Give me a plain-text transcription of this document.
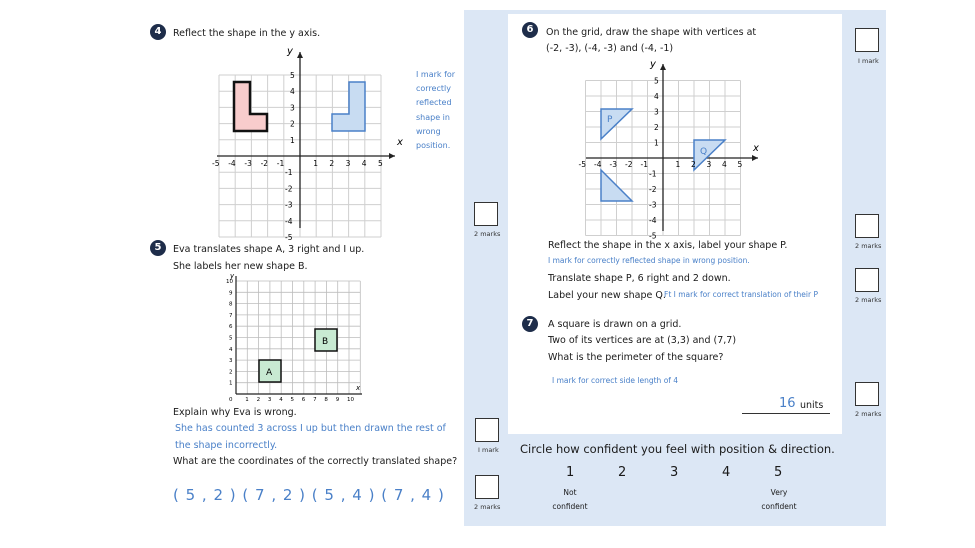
4	Reflect the shape in the y axis.
I mark for
correctly
reflected
shape in
wrong
position.
x
y
-5 -4 -3 -2 -1	1 2 3 4 5
5
4
3
2
1
-1
-2
-3
-4
-5	2 marks
5	Eva translates shape A, 3 right and I up.
She labels her new shape B.
A
B
y
x
0 1 2 3 4 5 6 7 8 9 10
10
9
8
7
6
5
4
3
2
1
Explain why Eva is wrong.
She has counted 3 across I up but then drawn the rest of
the shape incorrectly.
What are the coordinates of the correctly translated shape?
( 5 , 2 ) ( 7 , 2 ) ( 5 , 4 ) ( 7 , 4 )
I mark
2 marks
6	On the grid, draw the shape with vertices at
(-2, -3), (-4, -3) and (-4, -1)
x
y
P
Q
-5 -4 -3 -2 -1	1 2 3 4 5
5
4
3
2
1
-1
-2
-3
-4
-5
Reflect the shape in the x axis, label your shape P.
I mark for correctly reflected shape in wrong position.
Translate shape P, 6 right and 2 down.
Label your new shape Q.
Ft I mark for correct translation of their P
I mark
2 marks
2 marks
7	A square is drawn on a grid.
Two of its vertices are at (3,3) and (7,7)
What is the perimeter of the square?
I mark for correct side length of 4
16 units
2 marks
Circle how confident you feel with position & direction.
1	2	3	4	5
Not
confident
Very
confident
